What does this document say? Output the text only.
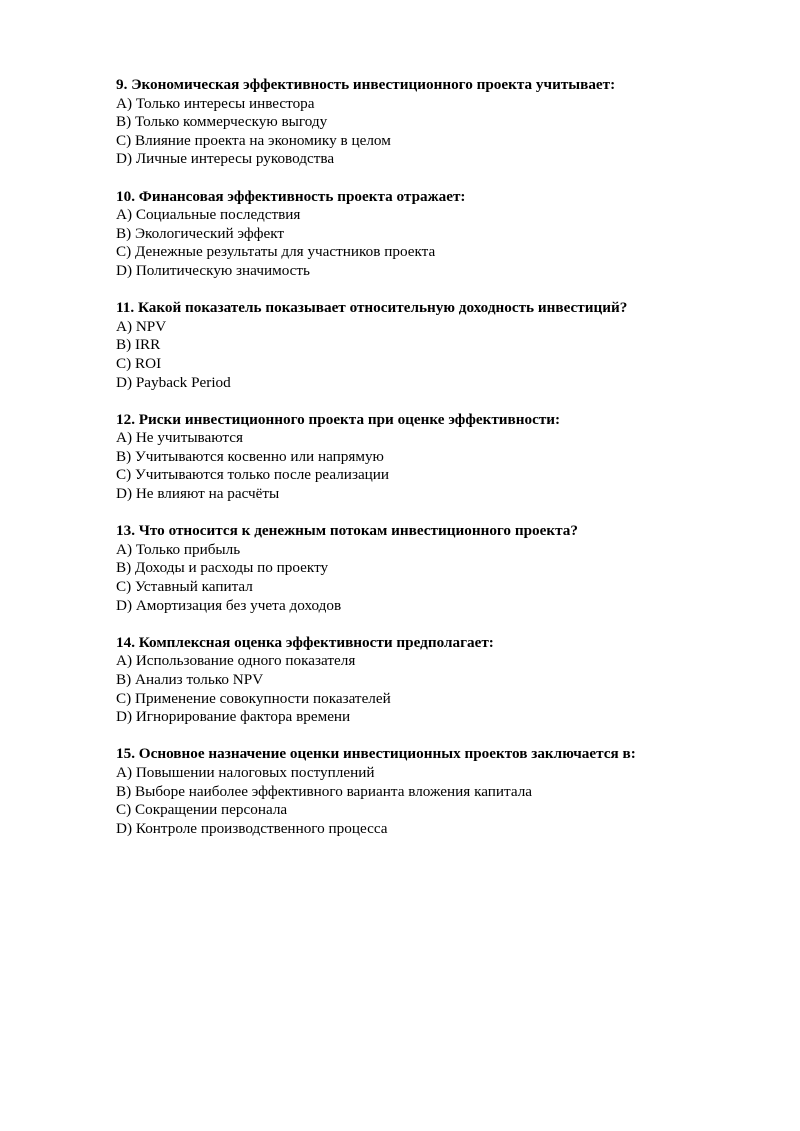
9. Экономическая эффективность инвестиционного проекта учитывает:
A) Только интересы инвестора
B) Только коммерческую выгоду
C) Влияние проекта на экономику в целом
D) Личные интересы руководства
10. Финансовая эффективность проекта отражает:
A) Социальные последствия
B) Экологический эффект
C) Денежные результаты для участников проекта
D) Политическую значимость
11. Какой показатель показывает относительную доходность инвестиций?
A) NPV
B) IRR
C) ROI
D) Payback Period
12. Риски инвестиционного проекта при оценке эффективности:
A) Не учитываются
B) Учитываются косвенно или напрямую
C) Учитываются только после реализации
D) Не влияют на расчёты
13. Что относится к денежным потокам инвестиционного проекта?
A) Только прибыль
B) Доходы и расходы по проекту
C) Уставный капитал
D) Амортизация без учета доходов
14. Комплексная оценка эффективности предполагает:
A) Использование одного показателя
B) Анализ только NPV
C) Применение совокупности показателей
D) Игнорирование фактора времени
15. Основное назначение оценки инвестиционных проектов заключается в:
A) Повышении налоговых поступлений
B) Выборе наиболее эффективного варианта вложения капитала
C) Сокращении персонала
D) Контроле производственного процесса
